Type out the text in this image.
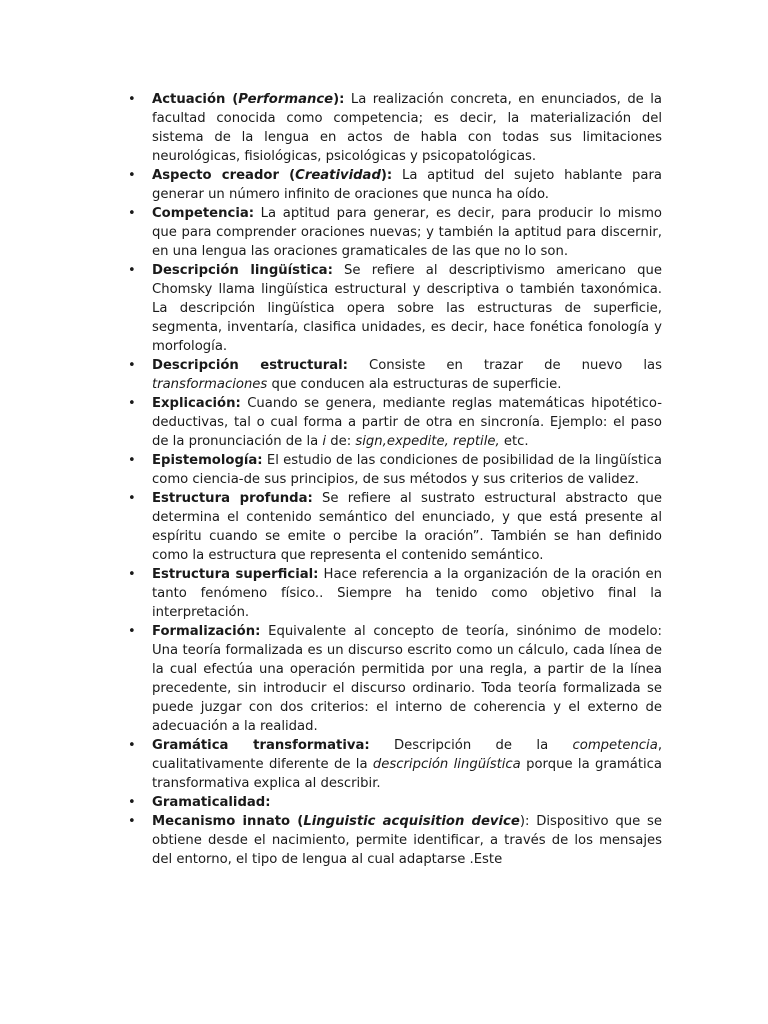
• Actuación (Performance): La realización concreta, en enunciados, de la facultad conocida como competencia; es decir, la materialización del sistema de la lengua en actos de habla con todas sus limitaciones neurológicas, fisiológicas, psicológicas y psicopatológicas.
• Aspecto creador (Creatividad): La aptitud del sujeto hablante para generar un número infinito de oraciones que nunca ha oído.
• Competencia: La aptitud para generar, es decir, para producir lo mismo que para comprender oraciones nuevas; y también la aptitud para discernir, en una lengua las oraciones gramaticales de las que no lo son.
• Descripción lingüística: Se refiere al descriptivismo americano que Chomsky llama lingüística estructural y descriptiva o también taxonómica. La descripción lingüística opera sobre las estructuras de superficie, segmenta, inventaría, clasifica unidades, es decir, hace fonética fonología y morfología.
• Descripción estructural: Consiste en trazar de nuevo las transformaciones que conducen ala estructuras de superficie.
• Explicación: Cuando se genera, mediante reglas matemáticas hipotético-deductivas, tal o cual forma a partir de otra en sincronía. Ejemplo: el paso de la pronunciación de la i de: sign,expedite, reptile, etc.
• Epistemología: El estudio de las condiciones de posibilidad de la lingüística como ciencia-de sus principios, de sus métodos y sus criterios de validez.
• Estructura profunda: Se refiere al sustrato estructural abstracto que determina el contenido semántico del enunciado, y que está presente al espíritu cuando se emite o percibe la oración”. También se han definido como la estructura que representa el contenido semántico.
• Estructura superficial: Hace referencia a la organización de la oración en tanto fenómeno físico.. Siempre ha tenido como objetivo final la interpretación.
• Formalización: Equivalente al concepto de teoría, sinónimo de modelo: Una teoría formalizada es un discurso escrito como un cálculo, cada línea de la cual efectúa una operación permitida por una regla, a partir de la línea precedente, sin introducir el discurso ordinario. Toda teoría formalizada se puede juzgar con dos criterios: el interno de coherencia y el externo de adecuación a la realidad.
• Gramática transformativa: Descripción de la competencia, cualitativamente diferente de la descripción lingüística porque la gramática transformativa explica al describir.
• Gramaticalidad:
• Mecanismo innato (Linguistic acquisition device): Dispositivo que se obtiene desde el nacimiento, permite identificar, a través de los mensajes del entorno, el tipo de lengua al cual adaptarse .Este
